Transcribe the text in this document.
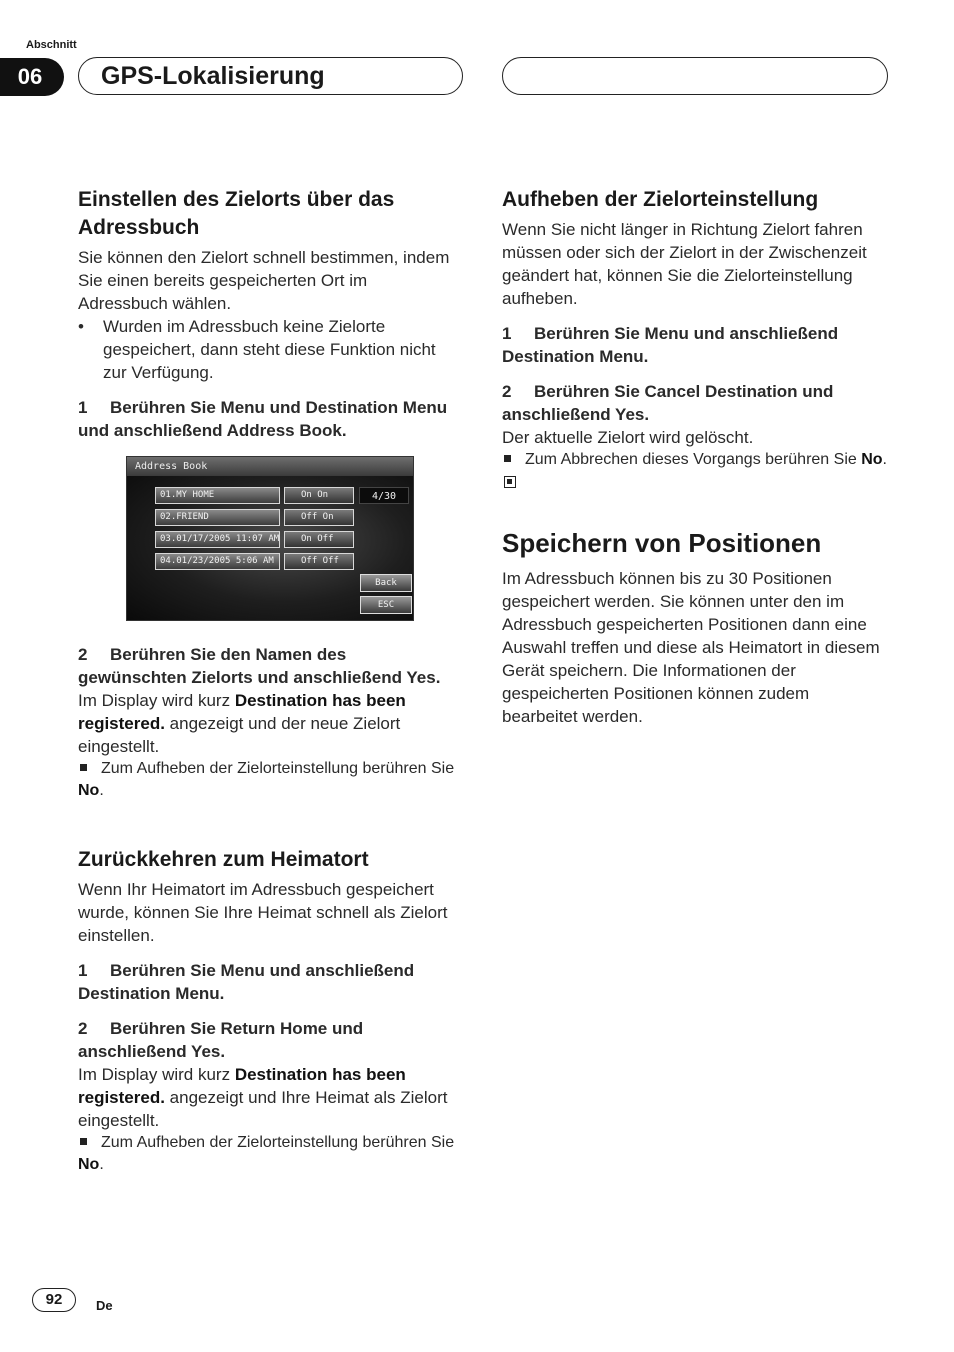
Abschnitt
06	GPS-Lokalisierung
Einstellen des Zielorts über das Adressbuch

Sie können den Zielort schnell bestimmen, indem Sie einen bereits gespeicherten Ort im Adressbuch wählen.

•	Wurden im Adressbuch keine Zielorte gespeichert, dann steht diese Funktion nicht zur Verfügung.

1 Berühren Sie Menu und Destination Menu und anschließend Address Book.

Address Book
01.MY HOME	On On
02.FRIEND	Off On
03.01/17/2005 11:07 AM	On Off
04.01/23/2005 5:06 AM	Off Off
4/30
Back
ESC

2 Berühren Sie den Namen des gewünschten Zielorts und anschließend Yes.

Im Display wird kurz Destination has been registered. angezeigt und der neue Zielort eingestellt.

Zum Aufheben der Zielorteinstellung berühren Sie No.
Zurückkehren zum Heimatort

Wenn Ihr Heimatort im Adressbuch gespeichert wurde, können Sie Ihre Heimat schnell als Zielort einstellen.

1 Berühren Sie Menu und anschließend Destination Menu.

2 Berühren Sie Return Home und anschließend Yes.

Im Display wird kurz Destination has been registered. angezeigt und Ihre Heimat als Zielort eingestellt.

Zum Aufheben der Zielorteinstellung berühren Sie No.
Aufheben der Zielorteinstellung

Wenn Sie nicht länger in Richtung Zielort fahren müssen oder sich der Zielort in der Zwischenzeit geändert hat, können Sie die Zielorteinstellung aufheben.

1 Berühren Sie Menu und anschließend Destination Menu.

2 Berühren Sie Cancel Destination und anschließend Yes.

Der aktuelle Zielort wird gelöscht.

Zum Abbrechen dieses Vorgangs berühren Sie No.
Speichern von Positionen

Im Adressbuch können bis zu 30 Positionen gespeichert werden. Sie können unter den im Adressbuch gespeicherten Positionen dann eine Auswahl treffen und diese als Heimatort in diesem Gerät speichern. Die Informationen der gespeicherten Positionen können zudem bearbeitet werden.

92	De
